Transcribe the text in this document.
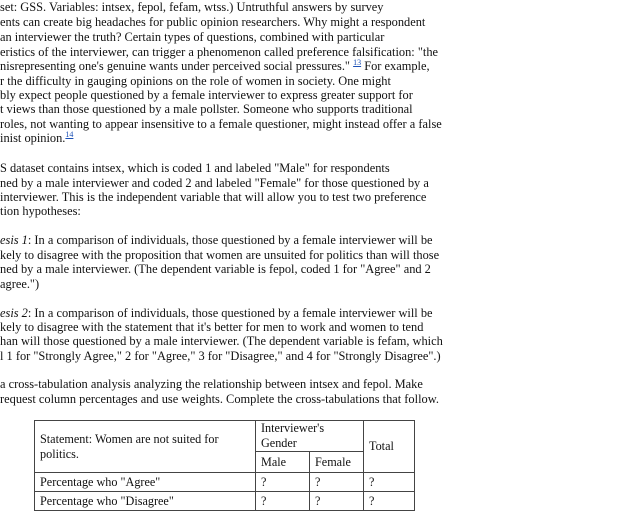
set: GSS. Variables: intsex, fepol, fefam, wtss.) Untruthful answers by survey
ents can create big headaches for public opinion researchers. Why might a respondent
an interviewer the truth? Certain types of questions, combined with particular
eristics of the interviewer, can trigger a phenomenon called preference falsification: "the
nisrepresenting one's genuine wants under perceived social pressures." $^{13}$ For example,
r the difficulty in gauging opinions on the role of women in society. One might
bly expect people questioned by a female interviewer to express greater support for
t views than those questioned by a male pollster. Someone who supports traditional
roles, not wanting to appear insensitive to a female questioner, might instead offer a false
inist opinion.$^{14}$
S dataset contains intsex, which is coded 1 and labeled "Male" for respondents
ned by a male interviewer and coded 2 and labeled "Female" for those questioned by a
interviewer. This is the independent variable that will allow you to test two preference
tion hypotheses:
esis 1: In a comparison of individuals, those questioned by a female interviewer will be
kely to disagree with the proposition that women are unsuited for politics than will those
ned by a male interviewer. (The dependent variable is fepol, coded 1 for "Agree" and 2
agree.")
esis 2: In a comparison of individuals, those questioned by a female interviewer will be
kely to disagree with the statement that it's better for men to work and women to tend
han will those questioned by a male interviewer. (The dependent variable is fefam, which
l 1 for "Strongly Agree," 2 for "Agree," 3 for "Disagree," and 4 for "Strongly Disagree".)
a cross-tabulation analysis analyzing the relationship between intsex and fepol. Make
request column percentages and use weights. Complete the cross-tabulations that follow.
Statement: Women are not suited for politics.	Interviewer's Gender		Total
	Male	Female	
Percentage who "Agree"	?	?	?
Percentage who "Disagree"	?	?	?
